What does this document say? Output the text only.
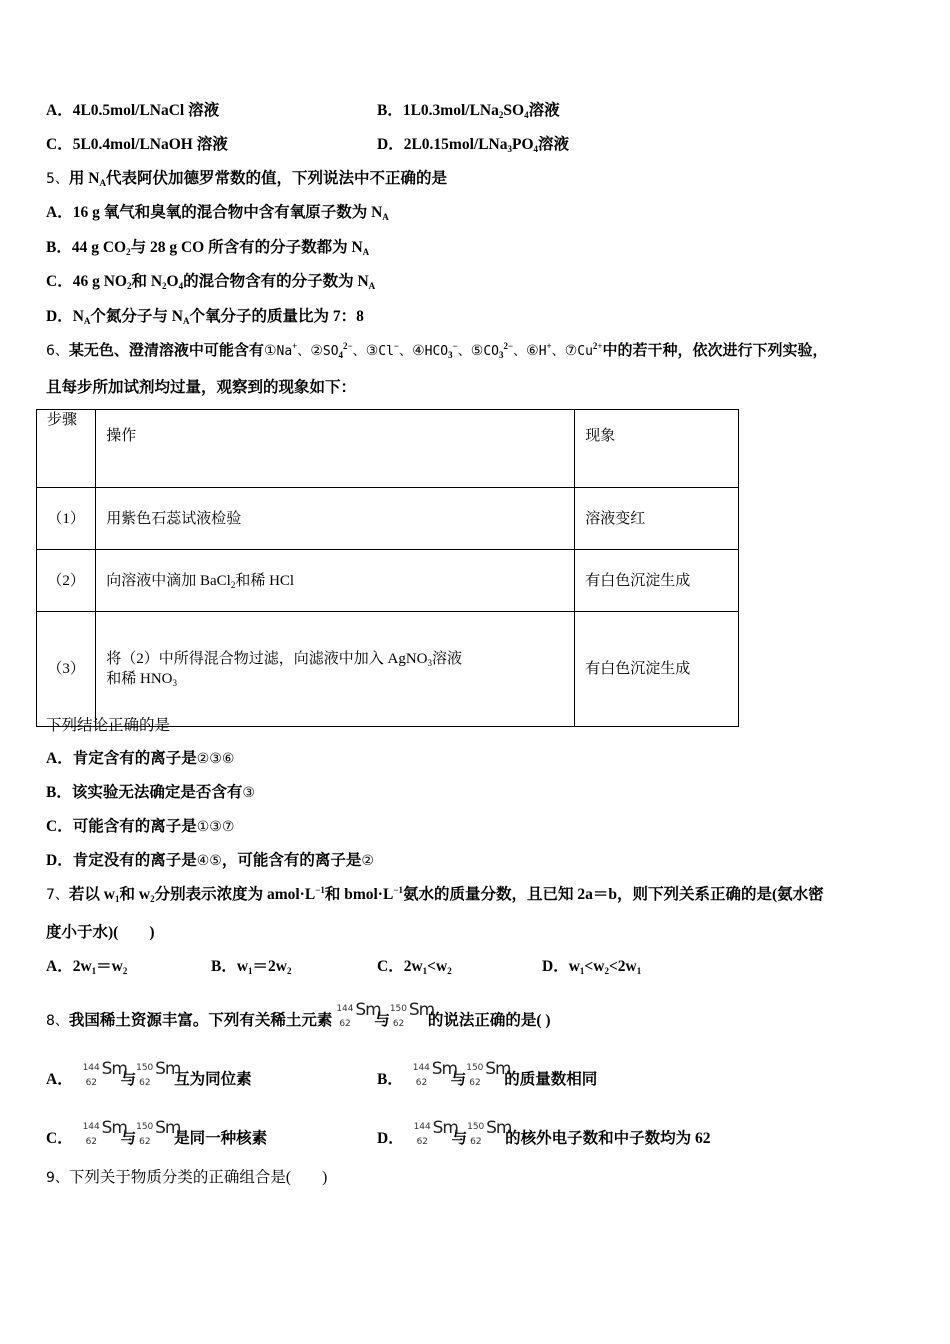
A．4L0.5mol/LNaCl 溶液	B．$1L0.3mol/LNa_2SO_4$溶液
C．5L0.4mol/LNaOH 溶液	D．$2L0.15mol/LNa_3PO_4$溶液
5、用 $N_A$代表阿伏加德罗常数的值，下列说法中不正确的是
A．16 g 氧气和臭氧的混合物中含有氧原子数为 $N_A$
B．44 g $CO_2$与 28 g CO 所含有的分子数都为 $N_A$
C．46 g $NO_2$和 $N_2O_4$的混合物含有的分子数为 $N_A$
D．$N_A$个氮分子与 $N_A$个氧分子的质量比为 7：8
6、某无色、澄清溶液中可能含有①Na+、$②SO_4^{2-}$、③Cl−、$④HCO_3^-$、$⑤CO_3^{2-}$、⑥H+、$⑦Cu^{2+}$中的若干种，依次进行下列实验，
且每步所加试剂均过量，观察到的现象如下：
步骤	操作	现象
（1）	用紫色石蕊试液检验	溶液变红
（2）	向溶液中滴加 BaCl$_2$和稀 HCl	有白色沉淀生成
（3）	将（2）中所得混合物过滤，向滤液中加入 AgNO$_3$溶液
和稀 $HNO_3$	有白色沉淀生成
下列结论正确的是
A．肯定含有的离子是②③⑥
B．该实验无法确定是否含有③
C．可能含有的离子是①③⑦
D．肯定没有的离子是④⑤，可能含有的离子是②
7、若以 $w_1$和 $w_2$分别表示浓度为 $amol\cdot L^{-1}$和 $bmol\cdot L^{-1}$氨水的质量分数，且已知 2a＝b，则下列关系正确的是(氨水密
度小于水)(　　)
A．$2w_1=w_2$	B．$w_1=2w_2$	C．$2w_1<w_2$	D．$w_1<w_2<2w_1$
8、我国稀土资源丰富。下列有关稀土元素
144
62
Sm
与
150
62
Sm
的说法正确的是( )
A．
144
62
Sm
与
150
62
Sm
互为同位素	B．
144
62
Sm
与
150
62
Sm
的质量数相同
C．
144
62
Sm
与
150
62
Sm
是同一种核素	D．
144
62
Sm
与
150
62
Sm
的核外电子数和中子数均为 62
9、下列关于物质分类的正确组合是(　　)
